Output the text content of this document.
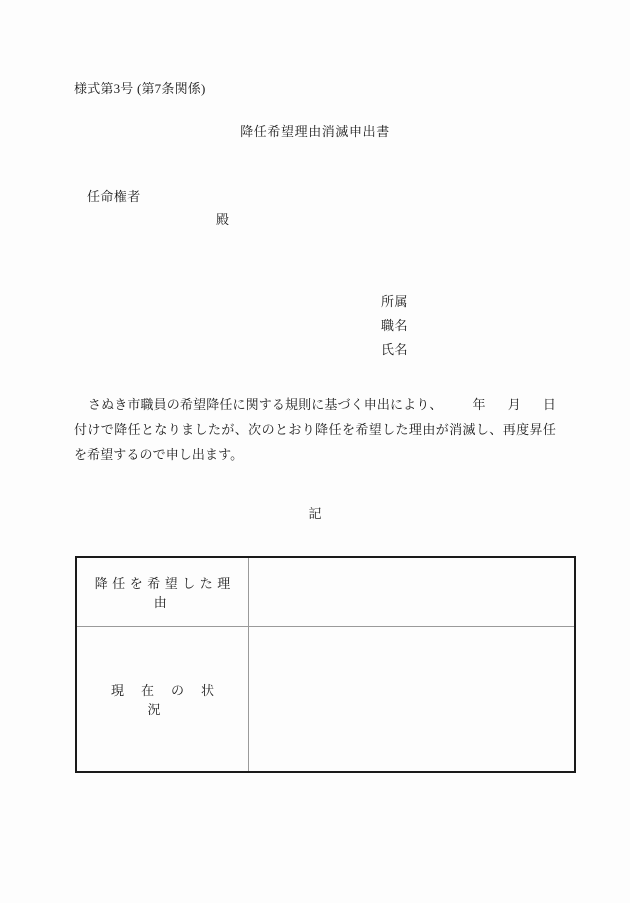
様式第3号 (第7条関係)
降任希望理由消滅申出書
任命権者
殿
所属
職名
氏名
さぬき市職員の希望降任に関する規則に基づく申出により、 年 月 日付けで降任となりましたが、次のとおり降任を希望した理由が消滅し、再度昇任を希望するので申し出ます。
記
降任を希望した理由	
現在の状況	
